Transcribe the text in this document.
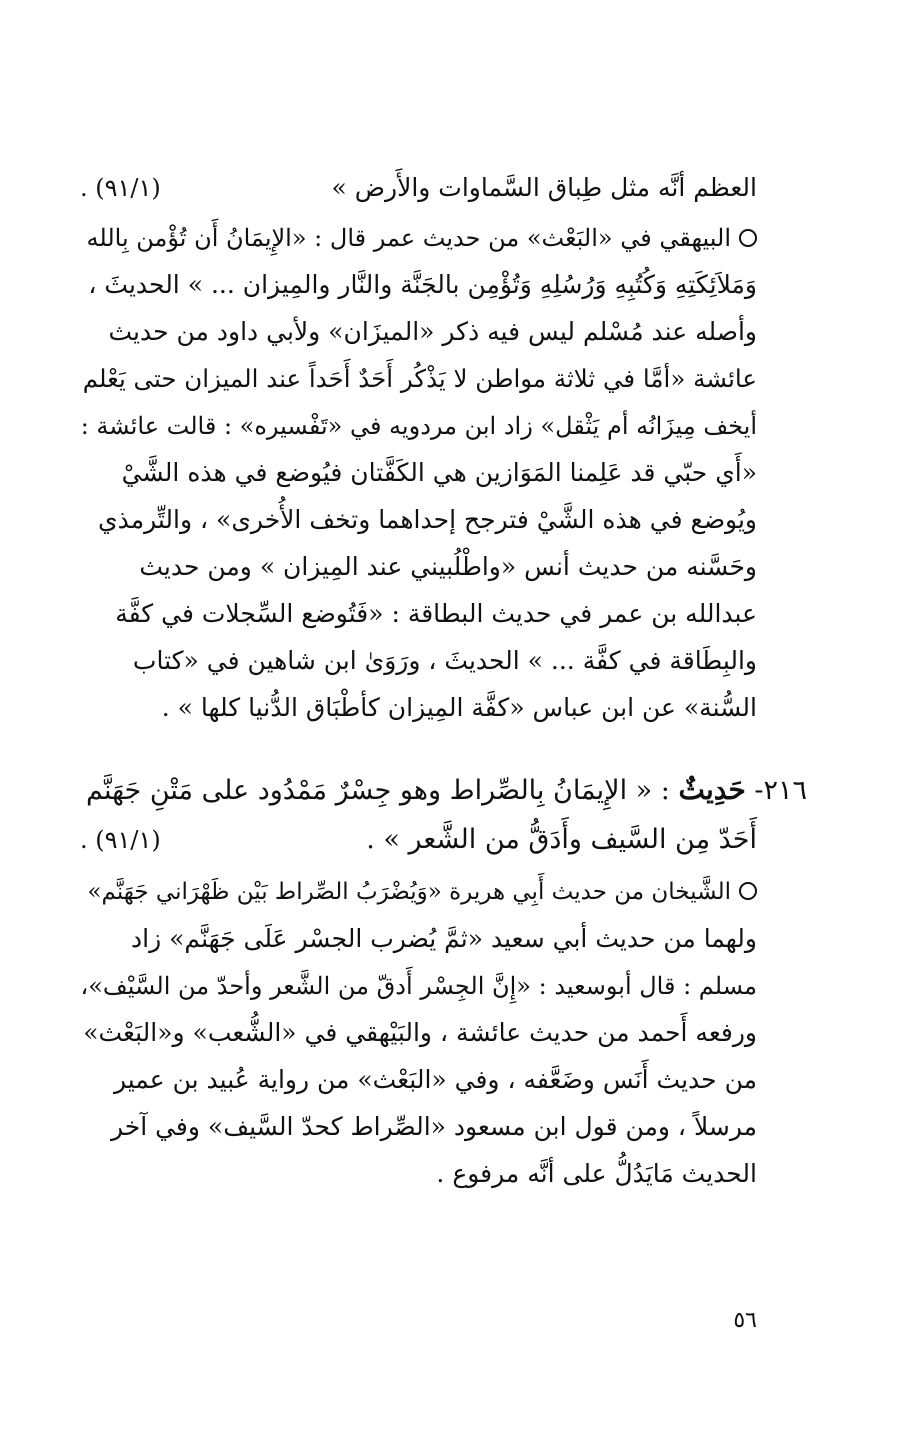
العظم أنَّه مثل طِباق السَّماوات والأَرض »
(٩١/١) .
البيهقي في «البَعْث» من حديث عمر قال : «الإِيمَانُ أَن تُؤْمن بِالله
وَمَلاَئِكَتِهِ وَكُتُبِهِ وَرُسُلِهِ وَتُؤْمِن بالجَنَّة والنَّار والمِيزان ... » الحديثَ ،
وأصله عند مُسْلم ليس فيه ذكر «الميزَان» ولأبي داود من حديث
عائشة «أمَّا في ثلاثة مواطن لا يَذْكُر أَحَدٌ أَحَداً عند الميزان حتى يَعْلم
أيخف مِيزَانُه أم يَثْقل» زاد ابن مردويه في «تَفْسيره» : قالت عائشة :
«أَي حبّي قد عَلِمنا المَوَازين هي الكَفَّتان فيُوضع في هذه الشَّيْ
ويُوضع في هذه الشَّيْ فترجح إحداهما وتخف الأُخرى» ، والتِّرمذي
وحَسَّنه من حديث أنس «واطْلُبيني عند المِيزان » ومن حديث
عبدالله بن عمر في حديث البطاقة : «فَتُوضع السِّجلات في كفَّة
والبِطَاقة في كفَّة ... » الحديثَ ، ورَوَىٰ ابن شاهين في «كتاب
السُّنة» عن ابن عباس «كفَّة المِيزان كأطْبَاق الدُّنيا كلها » .
٢١٦- حَدِيثٌ : « الإِيمَانُ بِالصِّراط وهو جِسْرٌ مَمْدُود على مَتْنِ جَهَنَّم
أَحَدّ مِن السَّيف وأَدَقُّ من الشَّعر » .
(٩١/١) .
الشَّيخان من حديث أَبِي هريرة «وَيُضْرَبُ الصِّراط بَيْن ظَهْرَاني جَهَنَّم»
ولهما من حديث أبي سعيد «ثمَّ يُضرب الجسْر عَلَى جَهَنَّم» زاد
مسلم : قال أبوسعيد : «إِنَّ الجِسْر أَدقّ من الشَّعر وأحدّ من السَّيْف»،
ورفعه أَحمد من حديث عائشة ، والبَيْهقي في «الشُّعب» و«البَعْث»
من حديث أَنَس وضَعَّفه ، وفي «البَعْث» من رواية عُبيد بن عمير
مرسلاً ، ومن قول ابن مسعود «الصِّراط كحدّ السَّيف» وفي آخر
الحديث مَايَدُلُّ على أنَّه مرفوع .
٥٦
